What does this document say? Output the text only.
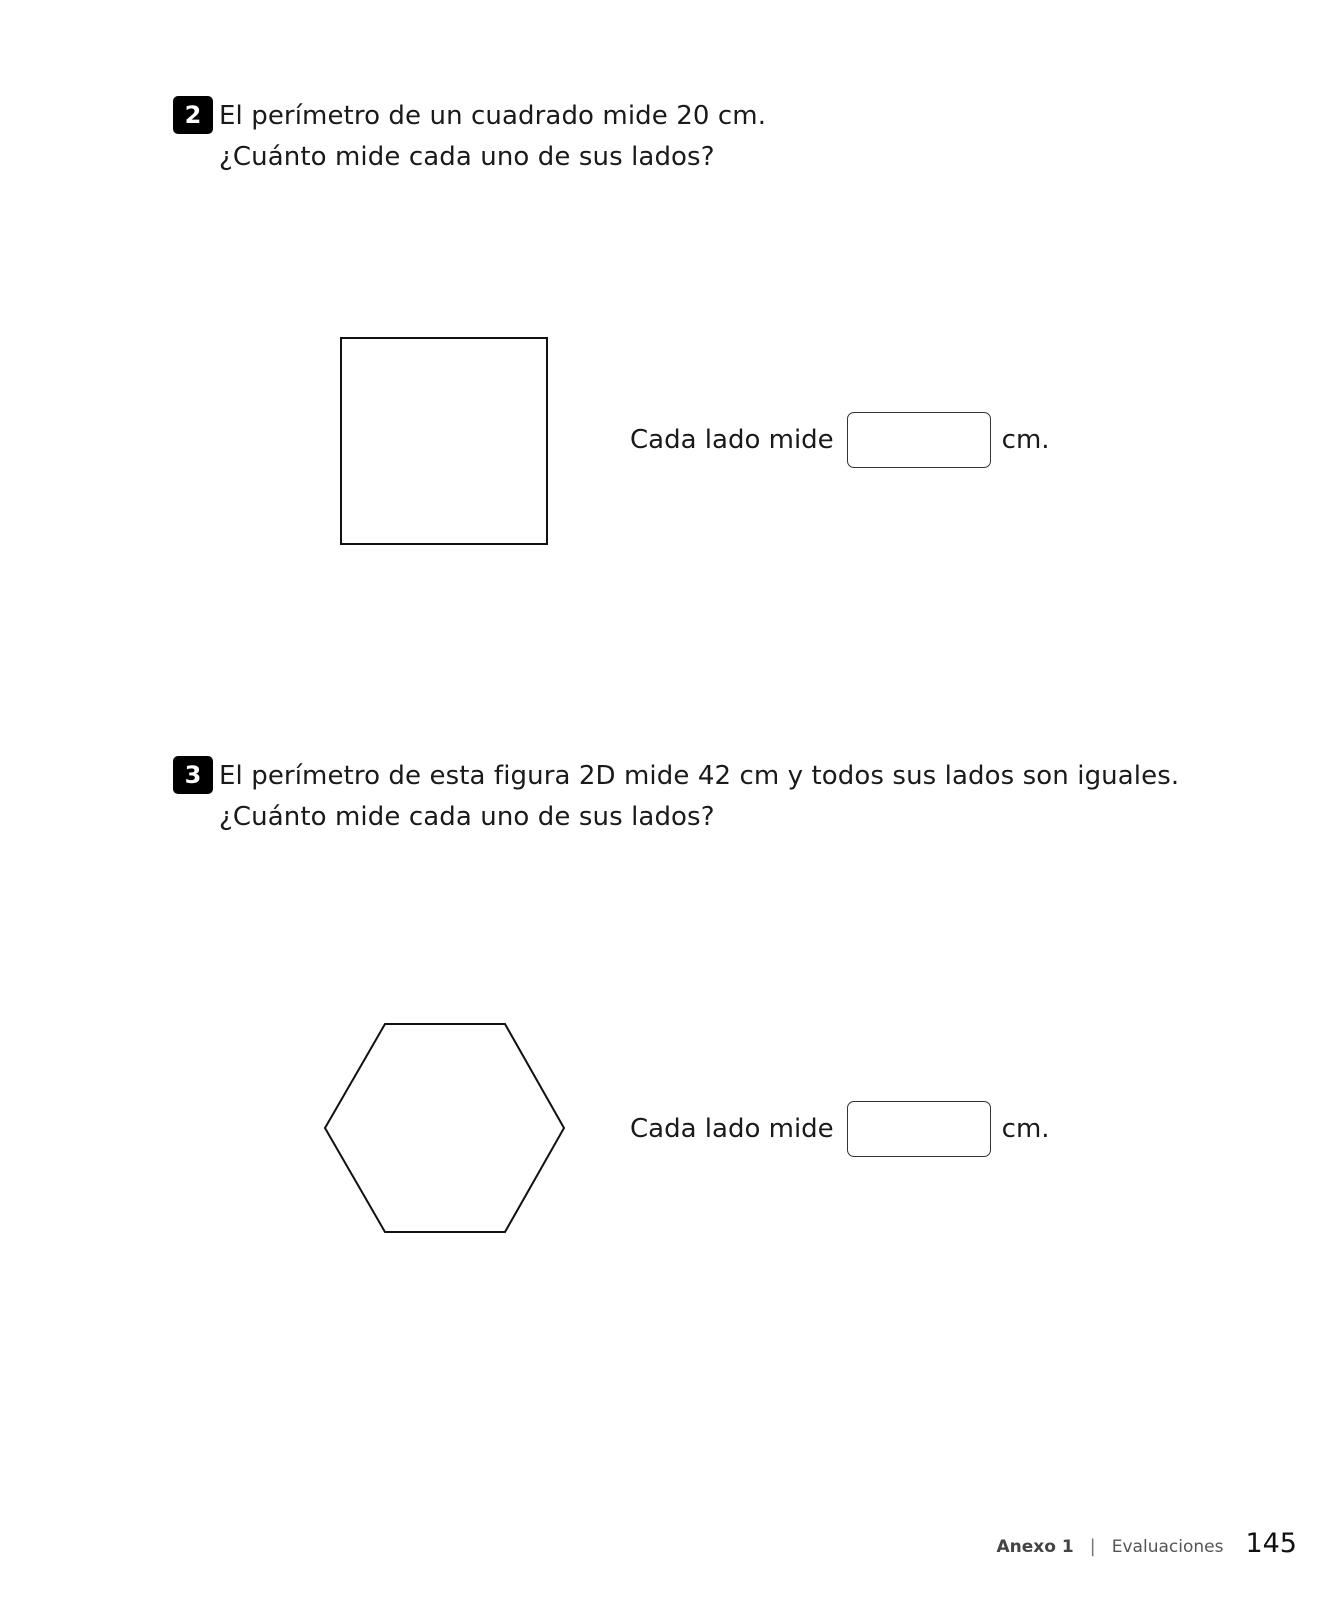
2 El perímetro de un cuadrado mide 20 cm.
¿Cuánto mide cada uno de sus lados?
Cada lado mide	cm.
3 El perímetro de esta figura 2D mide 42 cm y todos sus lados son iguales.
¿Cuánto mide cada uno de sus lados?
Cada lado mide	cm.
Anexo 1 | Evaluaciones 145
